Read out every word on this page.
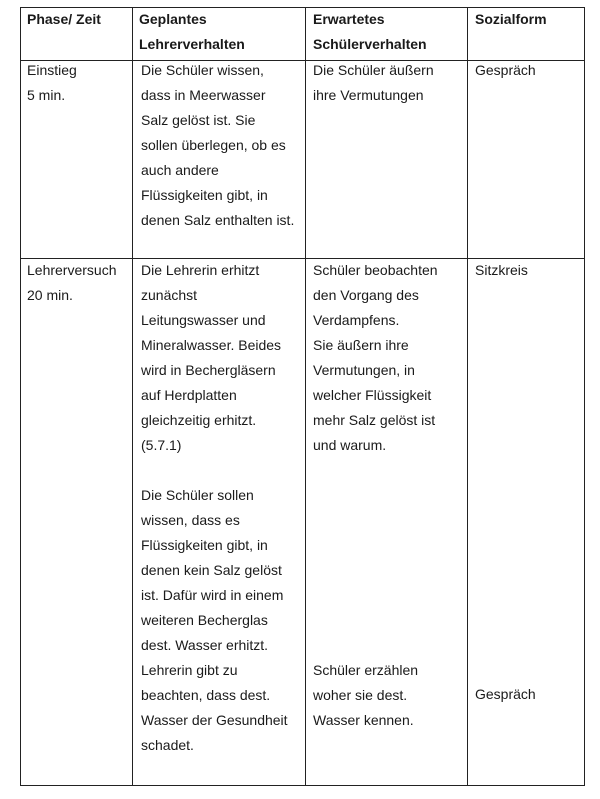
Phase/ Zeit	Geplantes
Lehrerverhalten
Erwartetes
Schülerverhalten
Sozialform
Einstieg
5 min.
Die Schüler wissen,
dass in Meerwasser
Salz gelöst ist. Sie
sollen überlegen, ob es
auch andere
Flüssigkeiten gibt, in
denen Salz enthalten ist.
Die Schüler äußern
ihre Vermutungen
Gespräch
Lehrerversuch
20 min.
Die Lehrerin erhitzt
zunächst
Leitungswasser und
Mineralwasser. Beides
wird in Bechergläsern
auf Herdplatten
gleichzeitig erhitzt.
(5.7.1)
Die Schüler sollen
wissen, dass es
Flüssigkeiten gibt, in
denen kein Salz gelöst
ist. Dafür wird in einem
weiteren Becherglas
dest. Wasser erhitzt.
Lehrerin gibt zu
beachten, dass dest.
Wasser der Gesundheit
schadet.
Schüler beobachten
den Vorgang des
Verdampfens.
Sie äußern ihre
Vermutungen, in
welcher Flüssigkeit
mehr Salz gelöst ist
und warum.
Schüler erzählen
woher sie dest.
Wasser kennen.
Sitzkreis
Gespräch
